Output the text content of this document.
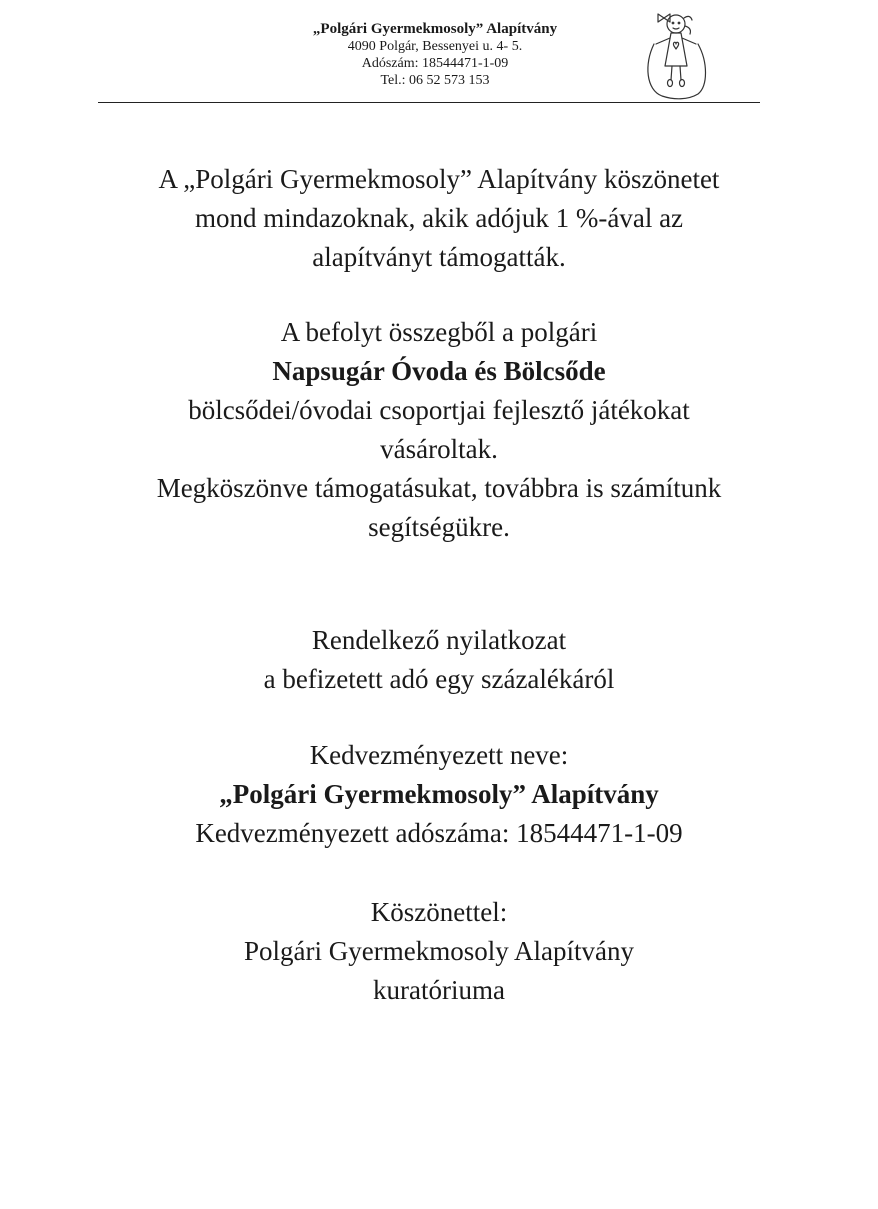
„Polgári Gyermekmosoly” Alapítvány
4090 Polgár, Bessenyei u. 4- 5.
Adószám: 18544471-1-09
Tel.: 06 52 573 153

A „Polgári Gyermekmosoly” Alapítvány köszönetet

mond mindazoknak, akik adójuk 1 %-ával az

alapítványt támogatták.

A befolyt összegből a polgári

Napsugár Óvoda és Bölcsőde

bölcsődei/óvodai csoportjai fejlesztő játékokat

vásároltak.

Megköszönve támogatásukat, továbbra is számítunk

segítségükre.

Rendelkező nyilatkozat

a befizetett adó egy százalékáról

Kedvezményezett neve:

„Polgári Gyermekmosoly” Alapítvány

Kedvezményezett adószáma: 18544471-1-09

Köszönettel:

Polgári Gyermekmosoly Alapítvány

kuratóriuma
